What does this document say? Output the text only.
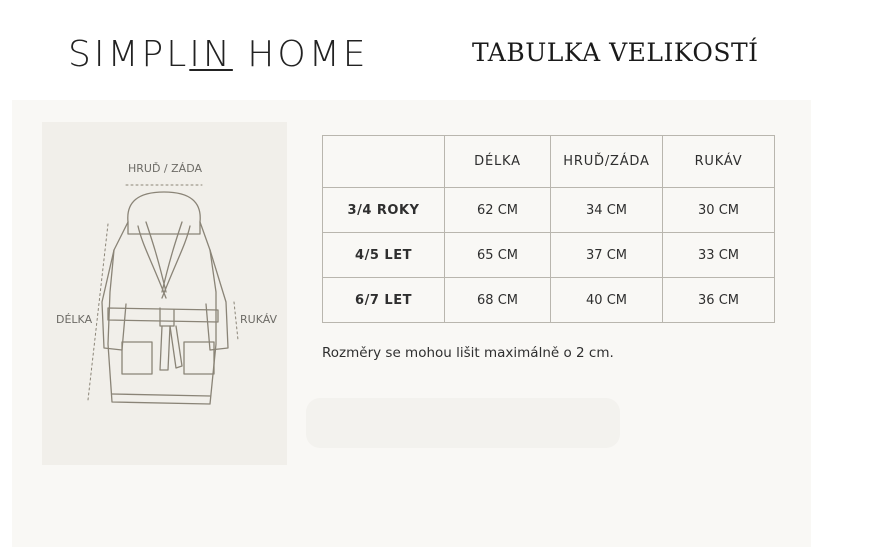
SIMPLIN HOME	TABULKA VELIKOSTÍ
HRUĎ / ZÁDA
DÉLKA	RUKÁV
	DÉLKA	HRUĎ/ZÁDA	RUKÁV
3/4 ROKY	62 CM	34 CM	30 CM
4/5 LET	65 CM	37 CM	33 CM
6/7 LET	68 CM	40 CM	36 CM
Rozměry se mohou lišit maximálně o 2 cm.
